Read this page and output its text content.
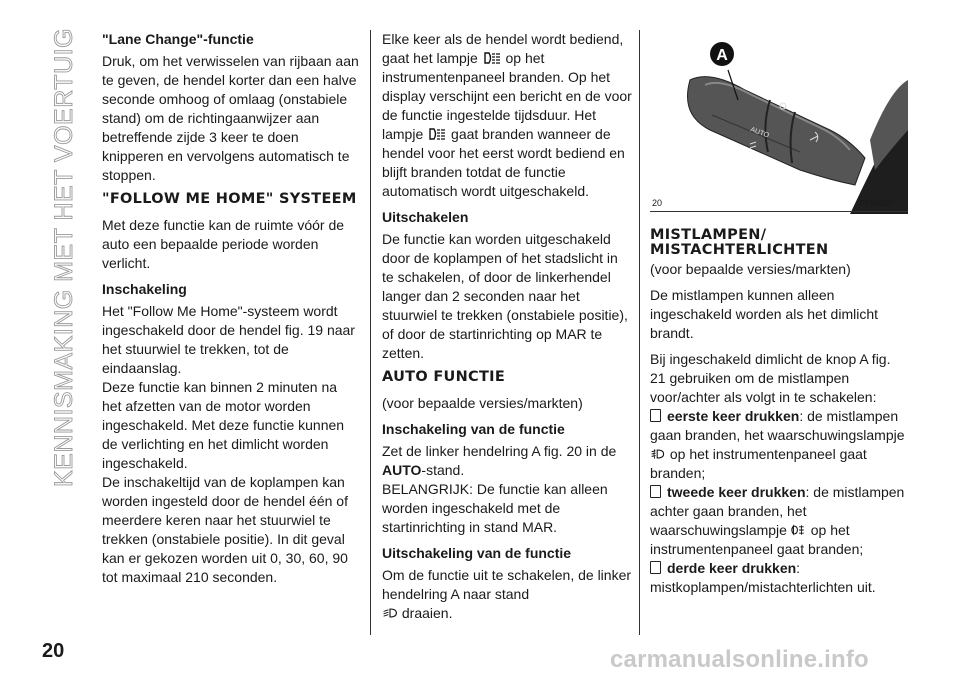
KENNISMAKING MET HET VOERTUIG "Lane Change"-functie
Druk, om het verwisselen van rijbaan aan te geven, de hendel korter dan een halve seconde omhoog of omlaag (onstabiele stand) om de richtingaanwijzer aan betreffende zijde 3 keer te doen knipperen en vervolgens automatisch te stoppen.
"FOLLOW ME HOME" SYSTEEM
Met deze functie kan de ruimte vóór de auto een bepaalde periode worden verlicht.
Inschakeling
Het "Follow Me Home"-systeem wordt ingeschakeld door de hendel fig. 19 naar het stuurwiel te trekken, tot de eindaanslag.
Deze functie kan binnen 2 minuten na het afzetten van de motor worden ingeschakeld. Met deze functie kunnen de verlichting en het dimlicht worden ingeschakeld.
De inschakeltijd van de koplampen kan worden ingesteld door de hendel één of meerdere keren naar het stuurwiel te trekken (onstabiele positie). In dit geval kan er gekozen worden uit 0, 30, 60, 90 tot maximaal 210 seconden.
Elke keer als de hendel wordt bediend, gaat het lampje op het instrumentenpaneel branden. Op het display verschijnt een bericht en de voor de functie ingestelde tijdsduur. Het lampje gaat branden wanneer de hendel voor het eerst wordt bediend en blijft branden totdat de functie automatisch wordt uitgeschakeld.
Uitschakelen
De functie kan worden uitgeschakeld door de koplampen of het stadslicht in te schakelen, of door de linkerhendel langer dan 2 seconden naar het stuurwiel te trekken (onstabiele positie), of door de startinrichting op MAR te zetten.
AUTO FUNCTIE
(voor bepaalde versies/markten)
Inschakeling van de functie
Zet de linker hendelring A fig. 20 in de AUTO-stand.
BELANGRIJK: De functie kan alleen worden ingeschakeld met de startinrichting in stand MAR.
Uitschakeling van de functie
Om de functie uit te schakelen, de linker hendelring A naar stand
draaien.
AUTO
A
20	F0S0610
MISTLAMPEN/ MISTACHTERLICHTEN
(voor bepaalde versies/markten)
De mistlampen kunnen alleen ingeschakeld worden als het dimlicht brandt.
Bij ingeschakeld dimlicht de knop A fig. 21 gebruiken om de mistlampen voor/achter als volgt in te schakelen:
eerste keer drukken: de mistlampen gaan branden, het waarschuwingslampje  op het instrumentenpaneel gaat branden;
tweede keer drukken: de mistlampen achter gaan branden, het waarschuwingslampje op het instrumentenpaneel gaat branden;
derde keer drukken:
mistkoplampen/mistachterlichten uit.
20	carmanualsonline.info
